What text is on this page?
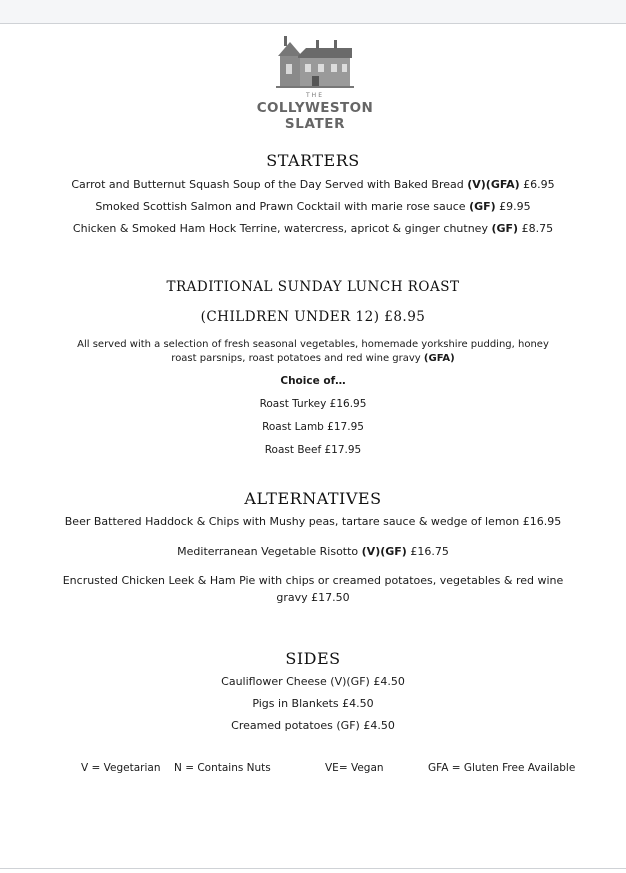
THE
COLLYWESTON
SLATER
STARTERS
Carrot and Butternut Squash Soup of the Day Served with Baked Bread (V)(GFA) £6.95
Smoked Scottish Salmon and Prawn Cocktail with marie rose sauce (GF) £9.95
Chicken & Smoked Ham Hock Terrine, watercress, apricot & ginger chutney (GF) £8.75
TRADITIONAL SUNDAY LUNCH ROAST
(CHILDREN UNDER 12) £8.95
All served with a selection of fresh seasonal vegetables, homemade yorkshire pudding, honey roast parsnips, roast potatoes and red wine gravy (GFA)
Choice of…
Roast Turkey £16.95
Roast Lamb £17.95
Roast Beef £17.95
ALTERNATIVES
Beer Battered Haddock & Chips with Mushy peas, tartare sauce & wedge of lemon £16.95
Mediterranean Vegetable Risotto (V)(GF) £16.75
Encrusted Chicken Leek & Ham Pie with chips or creamed potatoes, vegetables & red wine gravy £17.50
SIDES
Cauliflower Cheese (V)(GF) £4.50
Pigs in Blankets £4.50
Creamed potatoes (GF) £4.50
V = Vegetarian N = Contains Nuts	VE= Vegan	GFA = Gluten Free Available
